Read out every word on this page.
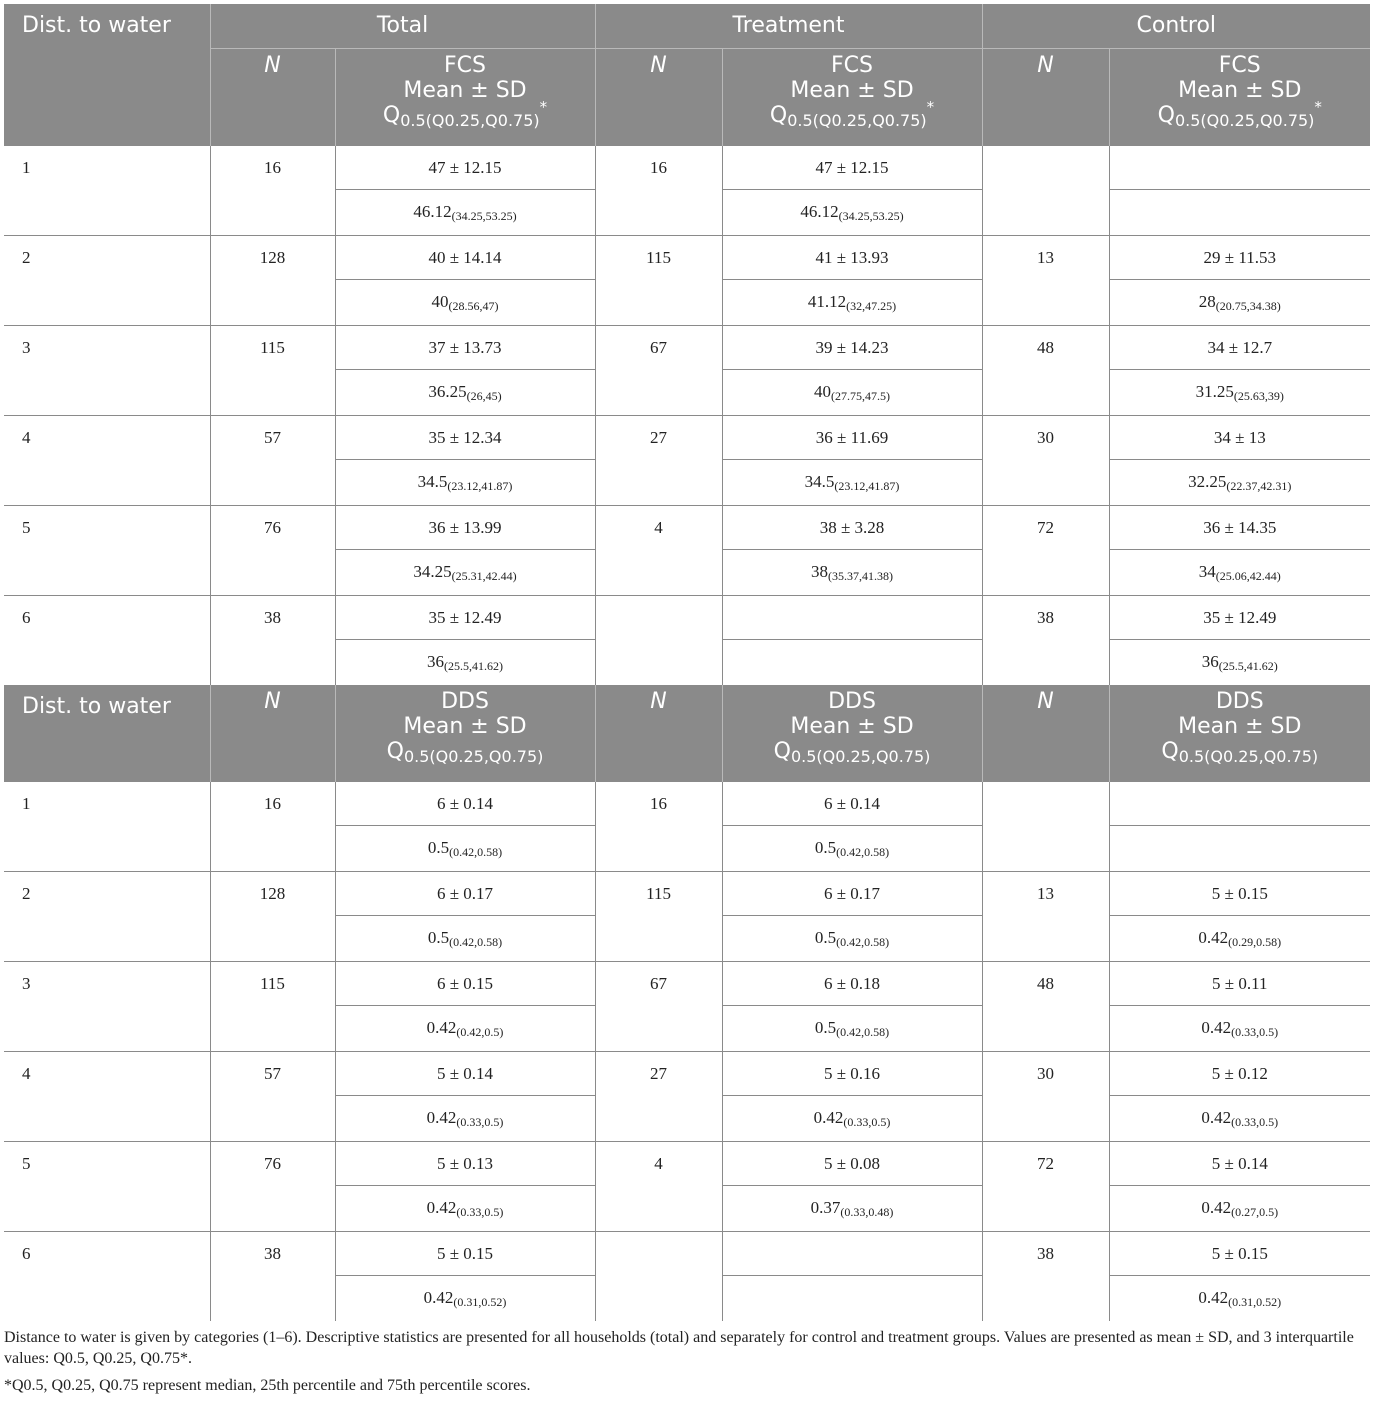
Dist. to water	Total		Treatment		Control	
	N	FCS
Mean ± SD
Q0.5(Q0.25,Q0.75)*	N	FCS
Mean ± SD
Q0.5(Q0.25,Q0.75)*	N	FCS
Mean ± SD
Q0.5(Q0.25,Q0.75)*
1	16	47 ± 12.15	16	47 ± 12.15		
		46.12(34.25,53.25)		46.12(34.25,53.25)		
2	128	40 ± 14.14	115	41 ± 13.93	13	29 ± 11.53
		40(28.56,47)		41.12(32,47.25)		28(20.75,34.38)
3	115	37 ± 13.73	67	39 ± 14.23	48	34 ± 12.7
		36.25(26,45)		40(27.75,47.5)		31.25(25.63,39)
4	57	35 ± 12.34	27	36 ± 11.69	30	34 ± 13
		34.5(23.12,41.87)		34.5(23.12,41.87)		32.25(22.37,42.31)
5	76	36 ± 13.99	4	38 ± 3.28	72	36 ± 14.35
		34.25(25.31,42.44)		38(35.37,41.38)		34(25.06,42.44)
6	38	35 ± 12.49			38	35 ± 12.49
		36(25.5,41.62)				36(25.5,41.62)
Dist. to water	N	DDS
Mean ± SD
Q0.5(Q0.25,Q0.75)	N	DDS
Mean ± SD
Q0.5(Q0.25,Q0.75)	N	DDS
Mean ± SD
Q0.5(Q0.25,Q0.75)
1	16	6 ± 0.14	16	6 ± 0.14		
		0.5(0.42,0.58)		0.5(0.42,0.58)		
2	128	6 ± 0.17	115	6 ± 0.17	13	5 ± 0.15
		0.5(0.42,0.58)		0.5(0.42,0.58)		0.42(0.29,0.58)
3	115	6 ± 0.15	67	6 ± 0.18	48	5 ± 0.11
		0.42(0.42,0.5)		0.5(0.42,0.58)		0.42(0.33,0.5)
4	57	5 ± 0.14	27	5 ± 0.16	30	5 ± 0.12
		0.42(0.33,0.5)		0.42(0.33,0.5)		0.42(0.33,0.5)
5	76	5 ± 0.13	4	5 ± 0.08	72	5 ± 0.14
		0.42(0.33,0.5)		0.37(0.33,0.48)		0.42(0.27,0.5)
6	38	5 ± 0.15			38	5 ± 0.15
		0.42(0.31,0.52)				0.42(0.31,0.52)

Distance to water is given by categories (1–6). Descriptive statistics are presented for all households (total) and separately for control and treatment groups. Values are presented as mean ± SD, and 3 interquartile values: Q0.5, Q0.25, Q0.75*.

*Q0.5, Q0.25, Q0.75 represent median, 25th percentile and 75th percentile scores.
